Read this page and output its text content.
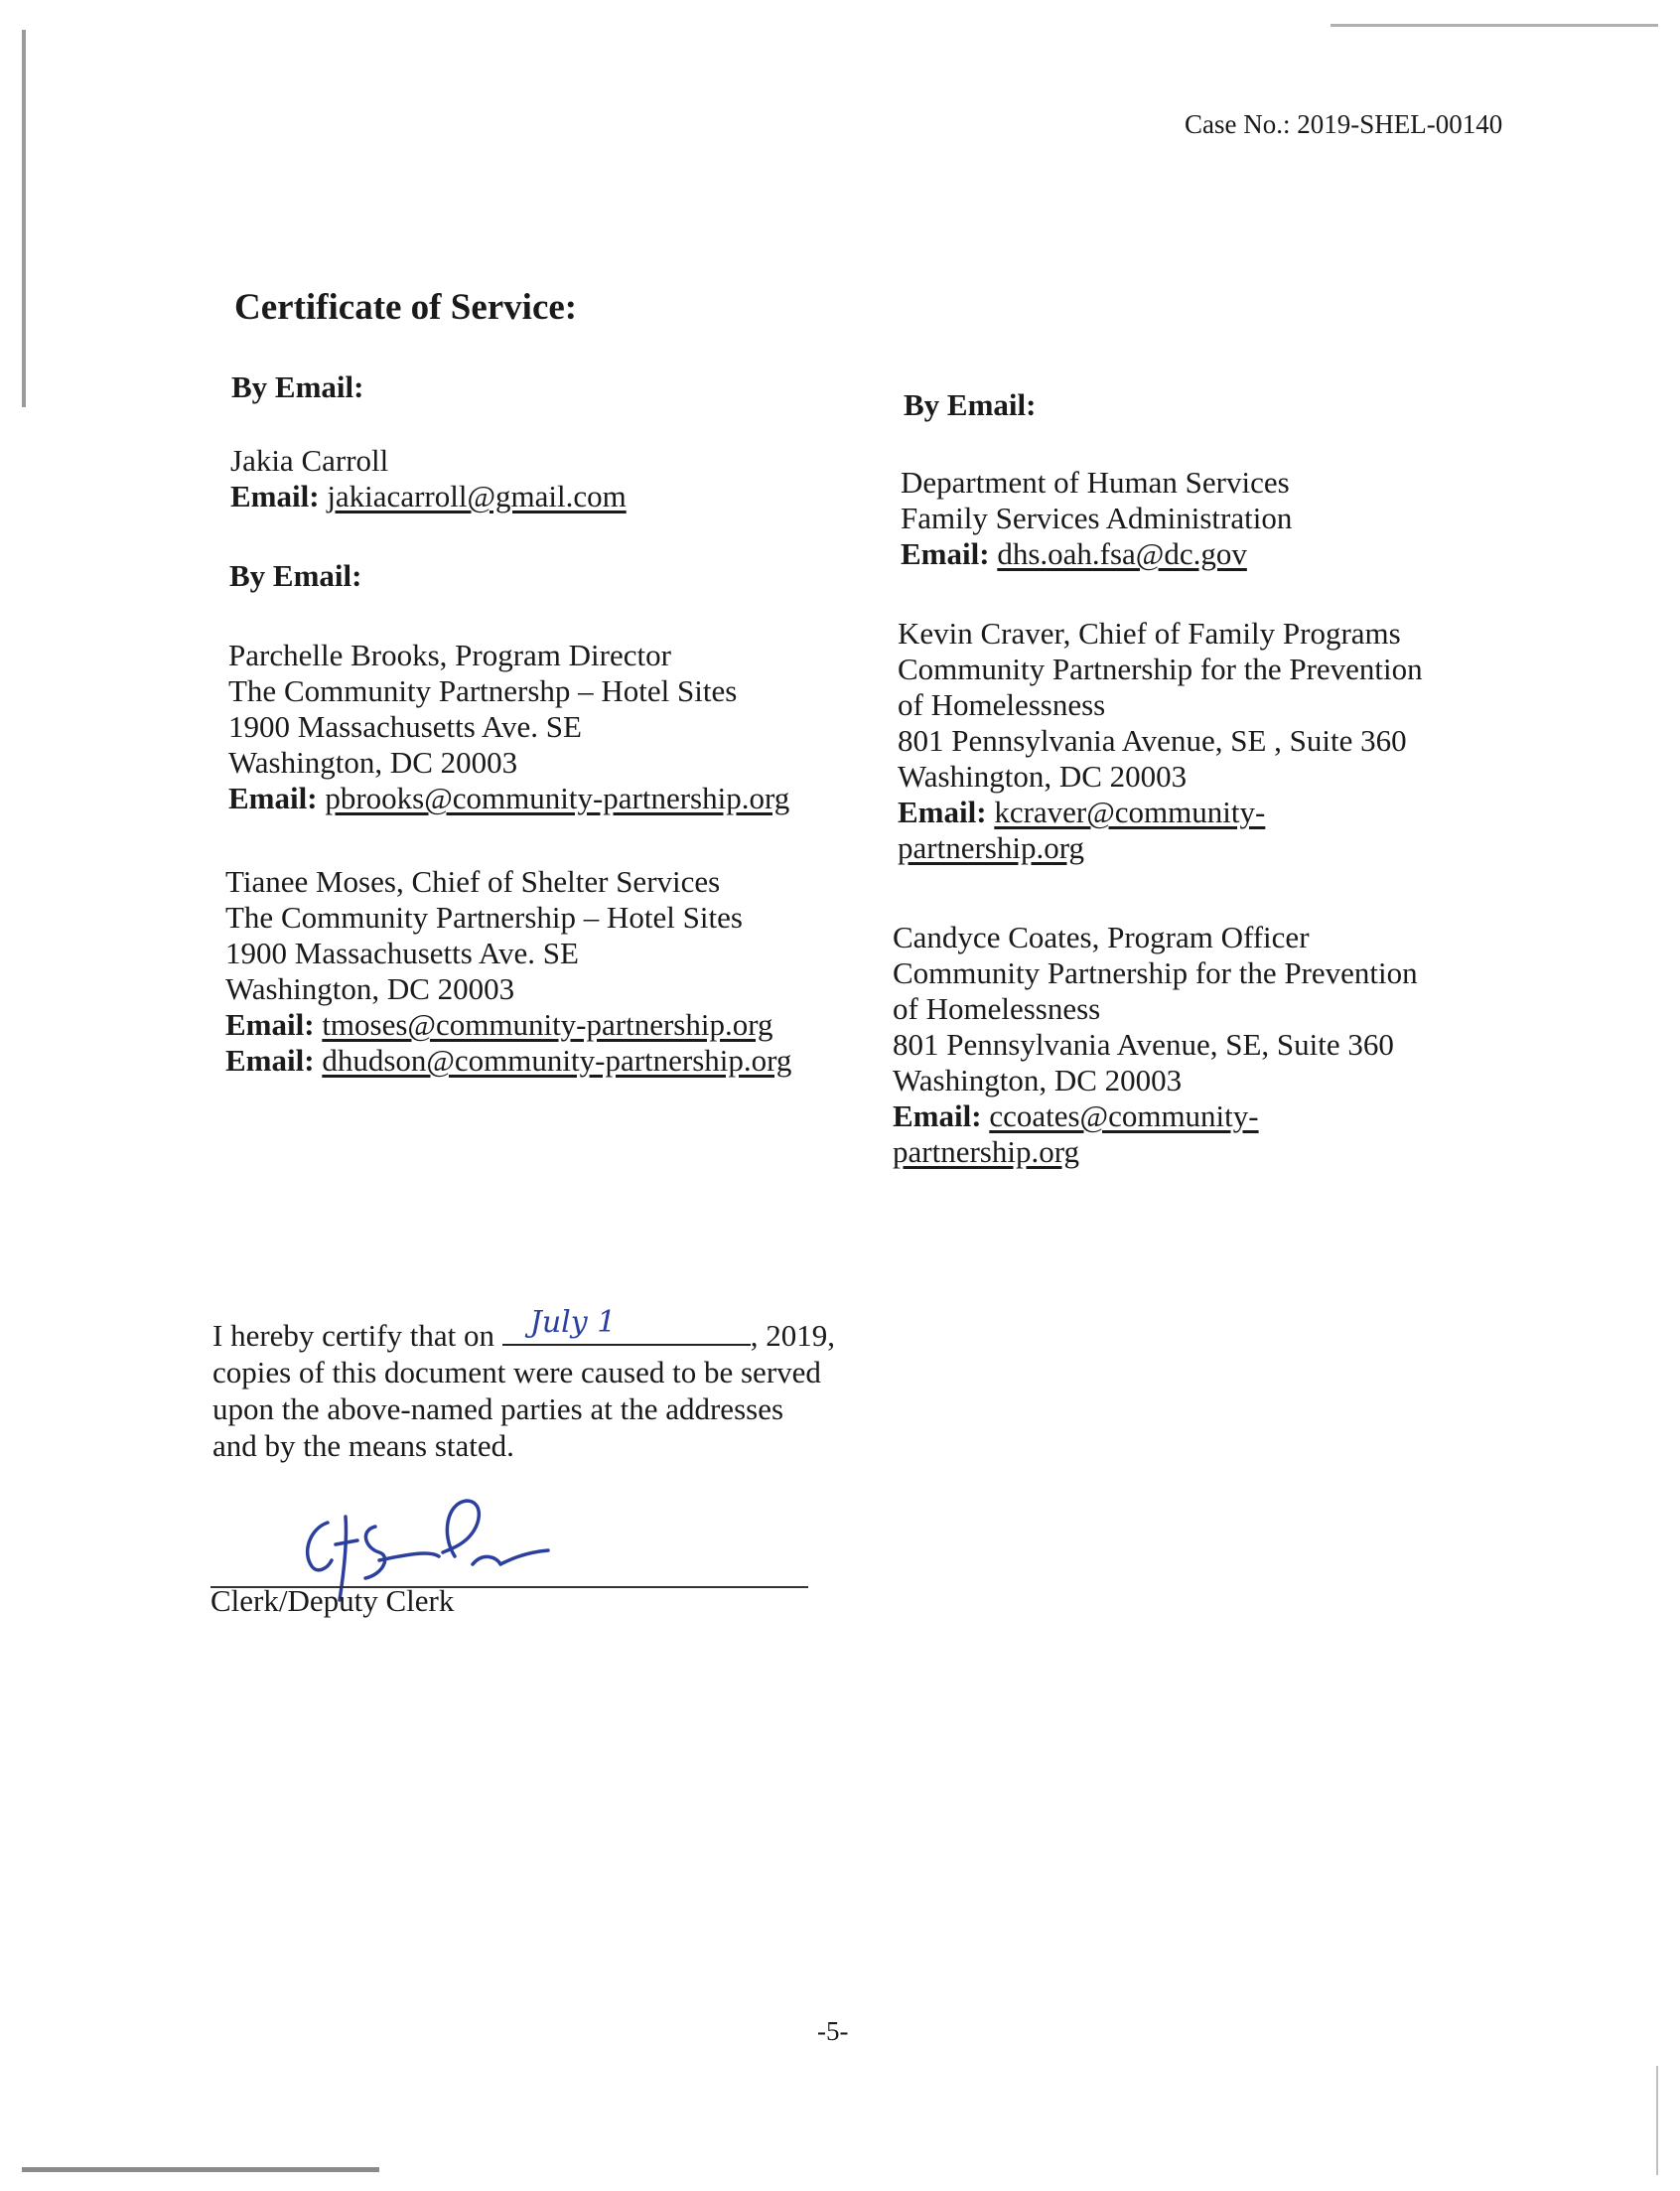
Case No.: 2019-SHEL-00140
Certificate of Service:
By Email:
Jakia Carroll
Email: jakiacarroll@gmail.com
By Email:
Parchelle Brooks, Program Director
The Community Partnershp – Hotel Sites
1900 Massachusetts Ave. SE
Washington, DC 20003
Email: pbrooks@community-partnership.org
Tianee Moses, Chief of Shelter Services
The Community Partnership – Hotel Sites
1900 Massachusetts Ave. SE
Washington, DC 20003
Email: tmoses@community-partnership.org
Email: dhudson@community-partnership.org
By Email:
Department of Human Services
Family Services Administration
Email: dhs.oah.fsa@dc.gov
Kevin Craver, Chief of Family Programs
Community Partnership for the Prevention
of Homelessness
801 Pennsylvania Avenue, SE , Suite 360
Washington, DC 20003
Email: kcraver@community-
partnership.org
Candyce Coates, Program Officer
Community Partnership for the Prevention
of Homelessness
801 Pennsylvania Avenue, SE, Suite 360
Washington, DC 20003
Email: ccoates@community-
partnership.org
I hereby certify that on July 1	, 2019,
copies of this document were caused to be served
upon the above-named parties at the addresses
and by the means stated.
Clerk/Deputy Clerk
-5-
